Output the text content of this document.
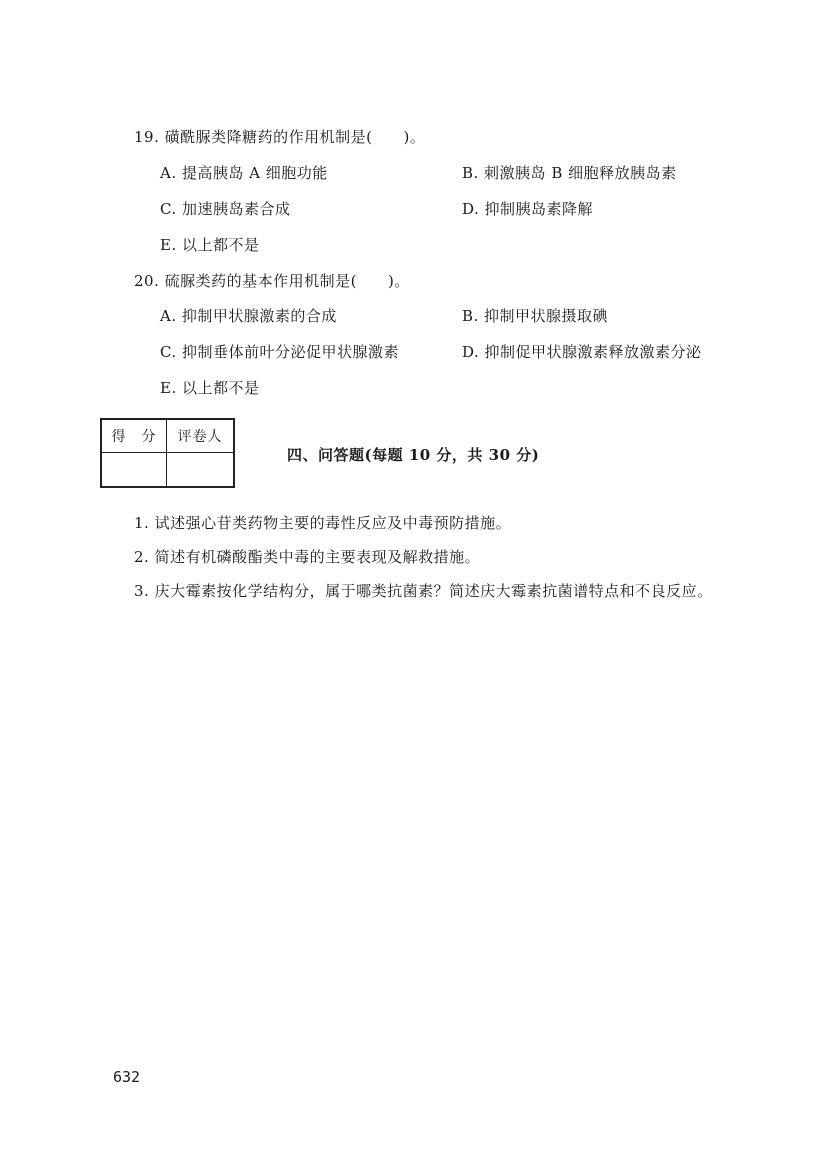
19. 磺酰脲类降糖药的作用机制是(　　)。
A. 提高胰岛 A 细胞功能	B. 刺激胰岛 B 细胞释放胰岛素
C. 加速胰岛素合成	D. 抑制胰岛素降解
E. 以上都不是
20. 硫脲类药的基本作用机制是(　　)。
A. 抑制甲状腺激素的合成	B. 抑制甲状腺摄取碘
C. 抑制垂体前叶分泌促甲状腺激素	D. 抑制促甲状腺激素释放激素分泌
E. 以上都不是
得　分	评卷人

四、问答题(每题 10 分，共 30 分)
1. 试述强心苷类药物主要的毒性反应及中毒预防措施。
2. 简述有机磷酸酯类中毒的主要表现及解救措施。
3. 庆大霉素按化学结构分，属于哪类抗菌素？简述庆大霉素抗菌谱特点和不良反应。
632
